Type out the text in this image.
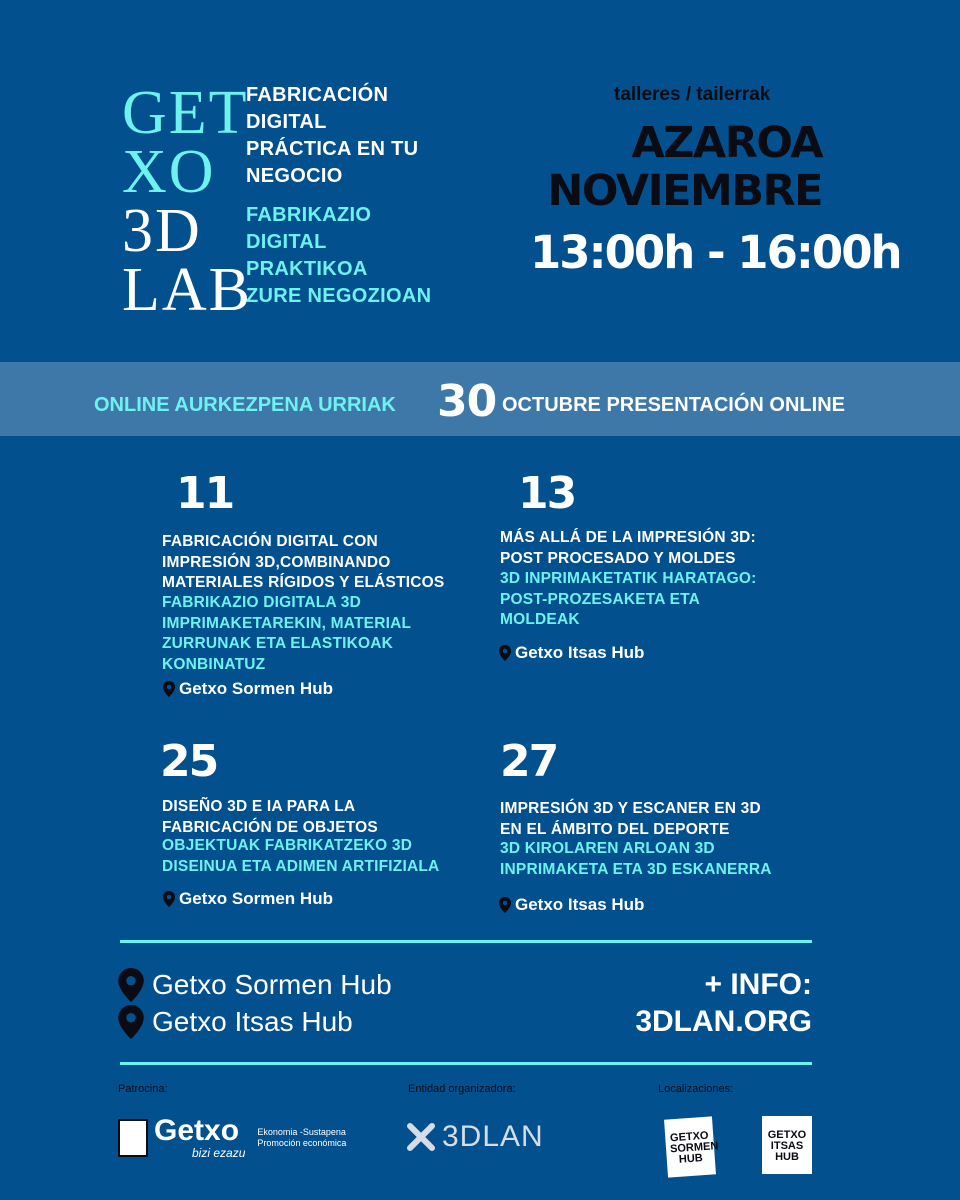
GET
XO
3D
LAB
FABRICACIÓN
DIGITAL
PRÁCTICA EN TU
NEGOCIO
FABRIKAZIO
DIGITAL
PRAKTIKOA
ZURE NEGOZIOAN
talleres / tailerrak
AZAROA
NOVIEMBRE
13:00h - 16:00h
ONLINE AURKEZPENA URRIAK 30 OCTUBRE PRESENTACIÓN ONLINE
11
FABRICACIÓN DIGITAL CON
IMPRESIÓN 3D,COMBINANDO
MATERIALES RÍGIDOS Y ELÁSTICOS
FABRIKAZIO DIGITALA 3D
IMPRIMAKETAREKIN, MATERIAL
ZURRUNAK ETA ELASTIKOAK
KONBINATUZ
Getxo Sormen Hub
13
MÁS ALLÁ DE LA IMPRESIÓN 3D:
POST PROCESADO Y MOLDES
3D INPRIMAKETATIK HARATAGO:
POST-PROZESAKETA ETA
MOLDEAK
Getxo Itsas Hub
25
DISEÑO 3D E IA PARA LA
FABRICACIÓN DE OBJETOS
OBJEKTUAK FABRIKATZEKO 3D
DISEINUA ETA ADIMEN ARTIFIZIALA
Getxo Sormen Hub
27
IMPRESIÓN 3D Y ESCANER EN 3D
EN EL ÁMBITO DEL DEPORTE
3D KIROLAREN ARLOAN 3D
INPRIMAKETA ETA 3D ESKANERRA
Getxo Itsas Hub
Getxo Sormen Hub
Getxo Itsas Hub
+ INFO:
3DLAN.ORG
Patrocina:	Entidad organizadora:	Localizaciones:
Getxo
bizi ezazu
Ekonomia -Sustapena
Promoción económica	3DLAN	GETXO
SORMEN
HUB
GETXO
ITSAS
HUB
